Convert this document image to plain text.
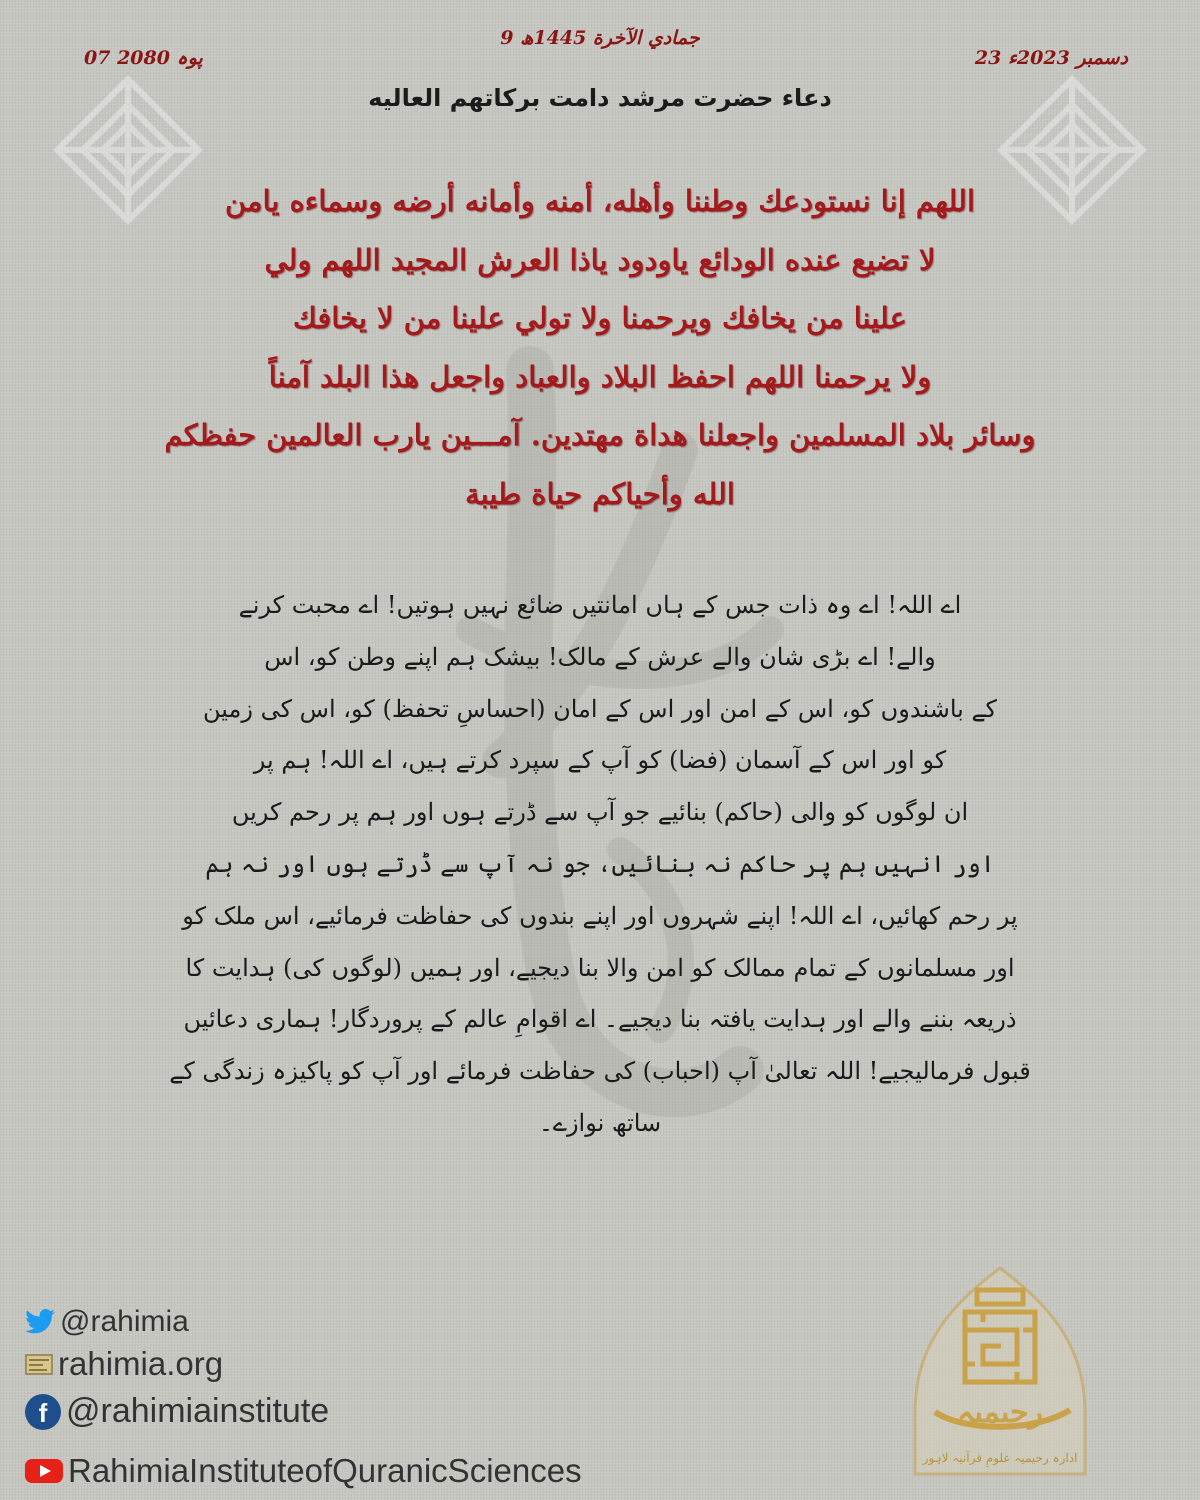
9 جمادي الآخرة 1445ھ
23 دسمبر 2023ء
07 پوہ 2080
دعاء حضرت مرشد دامت برکاتهم العاليه
اللهم إنا نستودعك وطننا وأهله، أمنه وأمانه أرضه وسماءه يامن
لا تضيع عنده الودائع ياودود ياذا العرش المجيد اللهم ولي
علينا من يخافك ويرحمنا ولا تولي علينا من لا يخافك
ولا يرحمنا اللهم احفظ البلاد والعباد واجعل هذا البلد آمناً
وسائر بلاد المسلمين واجعلنا هداة مهتدين. آمـــين يارب العالمين حفظكم
الله وأحياكم حياة طيبة
اے اللہ! اے وہ ذات جس کے ہاں امانتیں ضائع نہیں ہوتیں! اے محبت کرنے
والے! اے بڑی شان والے عرش کے مالک! بیشک ہم اپنے وطن کو، اس
کے باشندوں کو، اس کے امن اور اس کے امان (احساسِ تحفظ) کو، اس کی زمین
کو اور اس کے آسمان (فضا) کو آپ کے سپرد کرتے ہیں، اے اللہ! ہم پر
ان لوگوں کو والی (حاکم) بنائیے جو آپ سے ڈرتے ہوں اور ہم پر رحم کریں
اور انہیں ہم پر حاکم نہ بنائیں، جو نہ آپ سے ڈرتے ہوں اور نہ ہم
پر رحم کھائیں، اے اللہ! اپنے شہروں اور اپنے بندوں کی حفاظت فرمائیے، اس ملک کو
اور مسلمانوں کے تمام ممالک کو امن والا بنا دیجیے، اور ہمیں (لوگوں کی) ہدایت کا
ذریعہ بننے والے اور ہدایت یافتہ بنا دیجیے۔ اے اقوامِ عالم کے پروردگار! ہماری دعائیں
قبول فرمالیجیے! اللہ تعالیٰ آپ (احباب) کی حفاظت فرمائے اور آپ کو پاکیزہ زندگی کے
ساتھ نوازے۔
@rahimia
rahimia.org
f @rahimiainstitute
RahimiaInstituteofQuranicSciences
رحیمیہ
ادارہ رحیمیہ علومِ قرآنیہ لاہور
